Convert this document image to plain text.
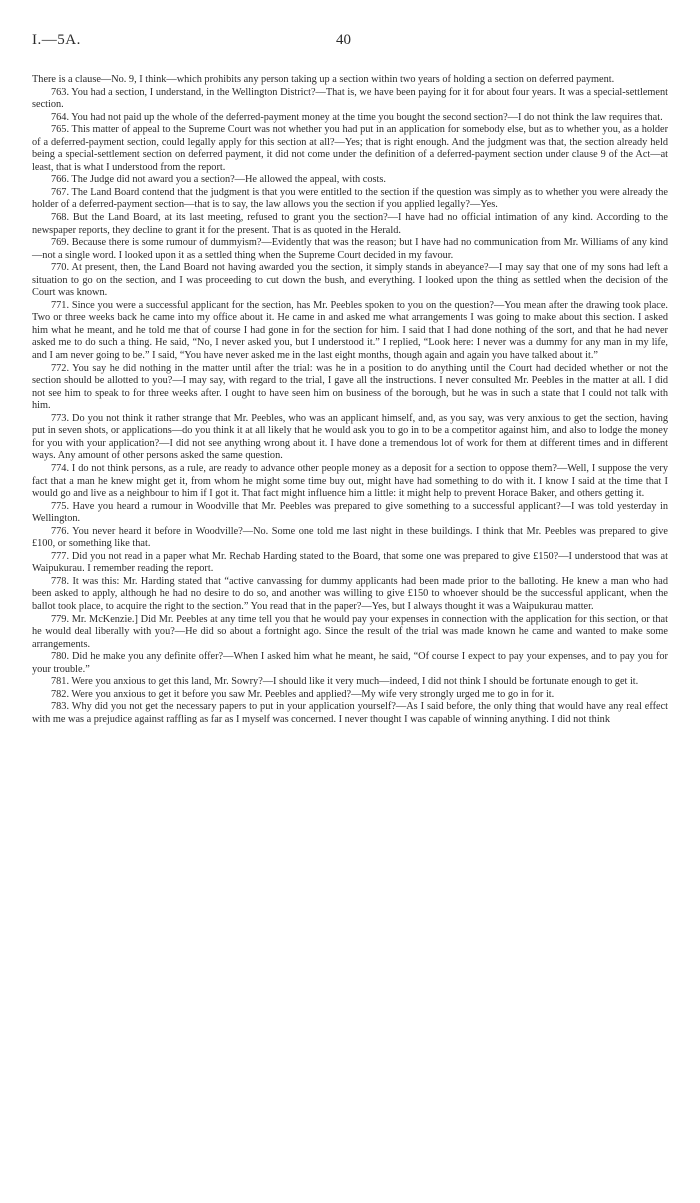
I.—5A.	40

There is a clause—No. 9, I think—which prohibits any person taking up a section within two years of holding a section on deferred payment.

763. You had a section, I understand, in the Wellington District?—That is, we have been paying for it for about four years. It was a special-settlement section.

764. You had not paid up the whole of the deferred-payment money at the time you bought the second section?—I do not think the law requires that.

765. This matter of appeal to the Supreme Court was not whether you had put in an application for somebody else, but as to whether you, as a holder of a deferred-payment section, could legally apply for this section at all?—Yes; that is right enough. And the judgment was that, the section already held being a special-settlement section on deferred payment, it did not come under the definition of a deferred-payment section under clause 9 of the Act—at least, that is what I understood from the report.

766. The Judge did not award you a section?—He allowed the appeal, with costs.

767. The Land Board contend that the judgment is that you were entitled to the section if the question was simply as to whether you were already the holder of a deferred-payment section—that is to say, the law allows you the section if you applied legally?—Yes.

768. But the Land Board, at its last meeting, refused to grant you the section?—I have had no official intimation of any kind. According to the newspaper reports, they decline to grant it for the present. That is as quoted in the Herald.

769. Because there is some rumour of dummyism?—Evidently that was the reason; but I have had no communication from Mr. Williams of any kind—not a single word. I looked upon it as a settled thing when the Supreme Court decided in my favour.

770. At present, then, the Land Board not having awarded you the section, it simply stands in abeyance?—I may say that one of my sons had left a situation to go on the section, and I was proceeding to cut down the bush, and everything. I looked upon the thing as settled when the decision of the Court was known.

771. Since you were a successful applicant for the section, has Mr. Peebles spoken to you on the question?—You mean after the drawing took place. Two or three weeks back he came into my office about it. He came in and asked me what arrangements I was going to make about this section. I asked him what he meant, and he told me that of course I had gone in for the section for him. I said that I had done nothing of the sort, and that he had never asked me to do such a thing. He said, “No, I never asked you, but I understood it.” I replied, “Look here: I never was a dummy for any man in my life, and I am never going to be.” I said, “You have never asked me in the last eight months, though again and again you have talked about it.”

772. You say he did nothing in the matter until after the trial: was he in a position to do anything until the Court had decided whether or not the section should be allotted to you?—I may say, with regard to the trial, I gave all the instructions. I never consulted Mr. Peebles in the matter at all. I did not see him to speak to for three weeks after. I ought to have seen him on business of the borough, but he was in such a state that I could not talk with him.

773. Do you not think it rather strange that Mr. Peebles, who was an applicant himself, and, as you say, was very anxious to get the section, having put in seven shots, or applications—do you think it at all likely that he would ask you to go in to be a competitor against him, and also to lodge the money for you with your application?—I did not see anything wrong about it. I have done a tremendous lot of work for them at different times and in different ways. Any amount of other persons asked the same question.

774. I do not think persons, as a rule, are ready to advance other people money as a deposit for a section to oppose them?—Well, I suppose the very fact that a man he knew might get it, from whom he might some time buy out, might have had something to do with it. I know I said at the time that I would go and live as a neighbour to him if I got it. That fact might influence him a little: it might help to prevent Horace Baker, and others getting it.

775. Have you heard a rumour in Woodville that Mr. Peebles was prepared to give something to a successful applicant?—I was told yesterday in Wellington.

776. You never heard it before in Woodville?—No. Some one told me last night in these buildings. I think that Mr. Peebles was prepared to give £100, or something like that.

777. Did you not read in a paper what Mr. Rechab Harding stated to the Board, that some one was prepared to give £150?—I understood that was at Waipukurau. I remember reading the report.

778. It was this: Mr. Harding stated that “active canvassing for dummy applicants had been made prior to the balloting. He knew a man who had been asked to apply, although he had no desire to do so, and another was willing to give £150 to whoever should be the successful applicant, when the ballot took place, to acquire the right to the section.” You read that in the paper?—Yes, but I always thought it was a Waipukurau matter.

779. Mr. McKenzie.] Did Mr. Peebles at any time tell you that he would pay your expenses in connection with the application for this section, or that he would deal liberally with you?—He did so about a fortnight ago. Since the result of the trial was made known he came and wanted to make some arrangements.

780. Did he make you any definite offer?—When I asked him what he meant, he said, “Of course I expect to pay your expenses, and to pay you for your trouble.”

781. Were you anxious to get this land, Mr. Sowry?—I should like it very much—indeed, I did not think I should be fortunate enough to get it.

782. Were you anxious to get it before you saw Mr. Peebles and applied?—My wife very strongly urged me to go in for it.

783. Why did you not get the necessary papers to put in your application yourself?—As I said before, the only thing that would have any real effect with me was a prejudice against raffling as far as I myself was concerned. I never thought I was capable of winning anything. I did not think
